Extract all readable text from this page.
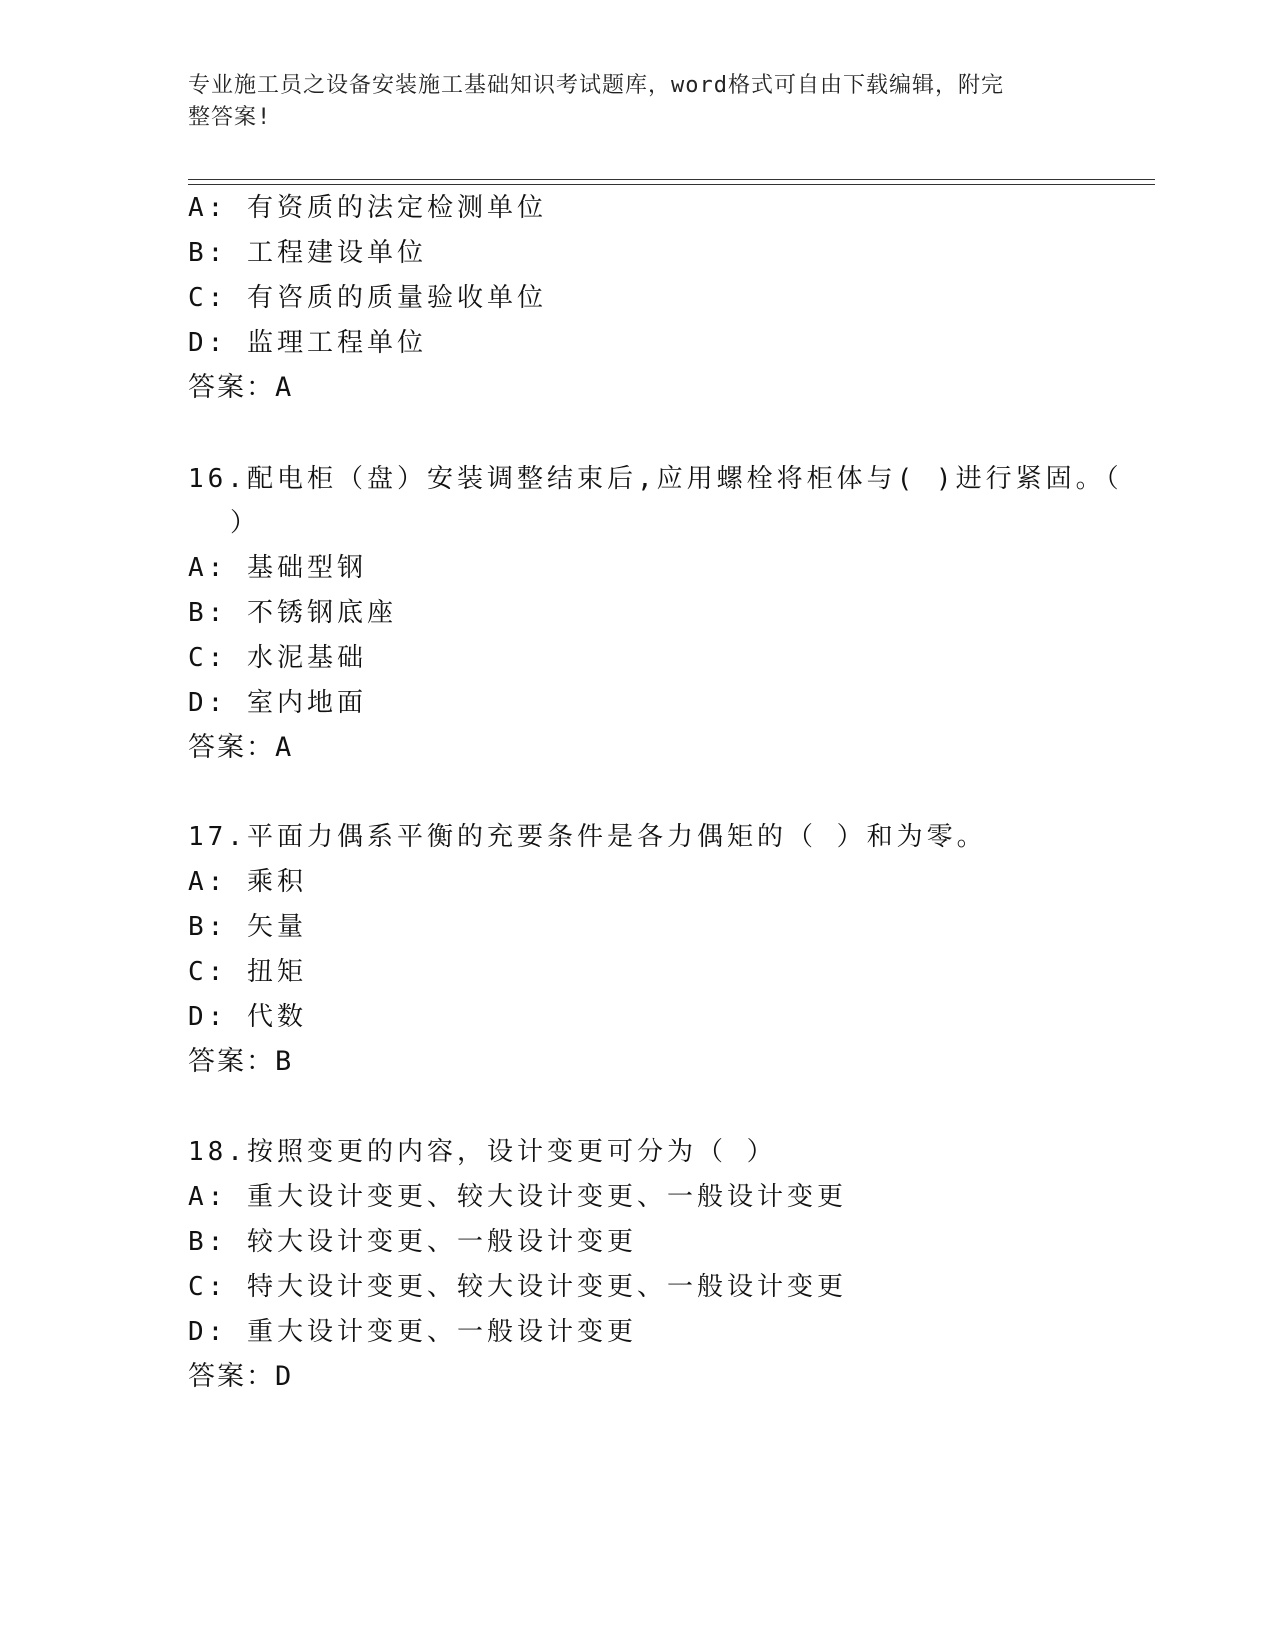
专业施工员之设备安装施工基础知识考试题库，word格式可自由下载编辑，附完
整答案!
A: 有资质的法定检测单位
B: 工程建设单位
C: 有咨质的质量验收单位
D: 监理工程单位
答案：A
16.配电柜（盘）安装调整结束后,应用螺栓将柜体与( )进行紧固。（
）
A: 基础型钢
B: 不锈钢底座
C: 水泥基础
D: 室内地面
答案：A
17.平面力偶系平衡的充要条件是各力偶矩的（ ）和为零。
A: 乘积
B: 矢量
C: 扭矩
D: 代数
答案：B
18.按照变更的内容，设计变更可分为（ ）
A: 重大设计变更、较大设计变更、一般设计变更
B: 较大设计变更、一般设计变更
C: 特大设计变更、较大设计变更、一般设计变更
D: 重大设计变更、一般设计变更
答案：D
